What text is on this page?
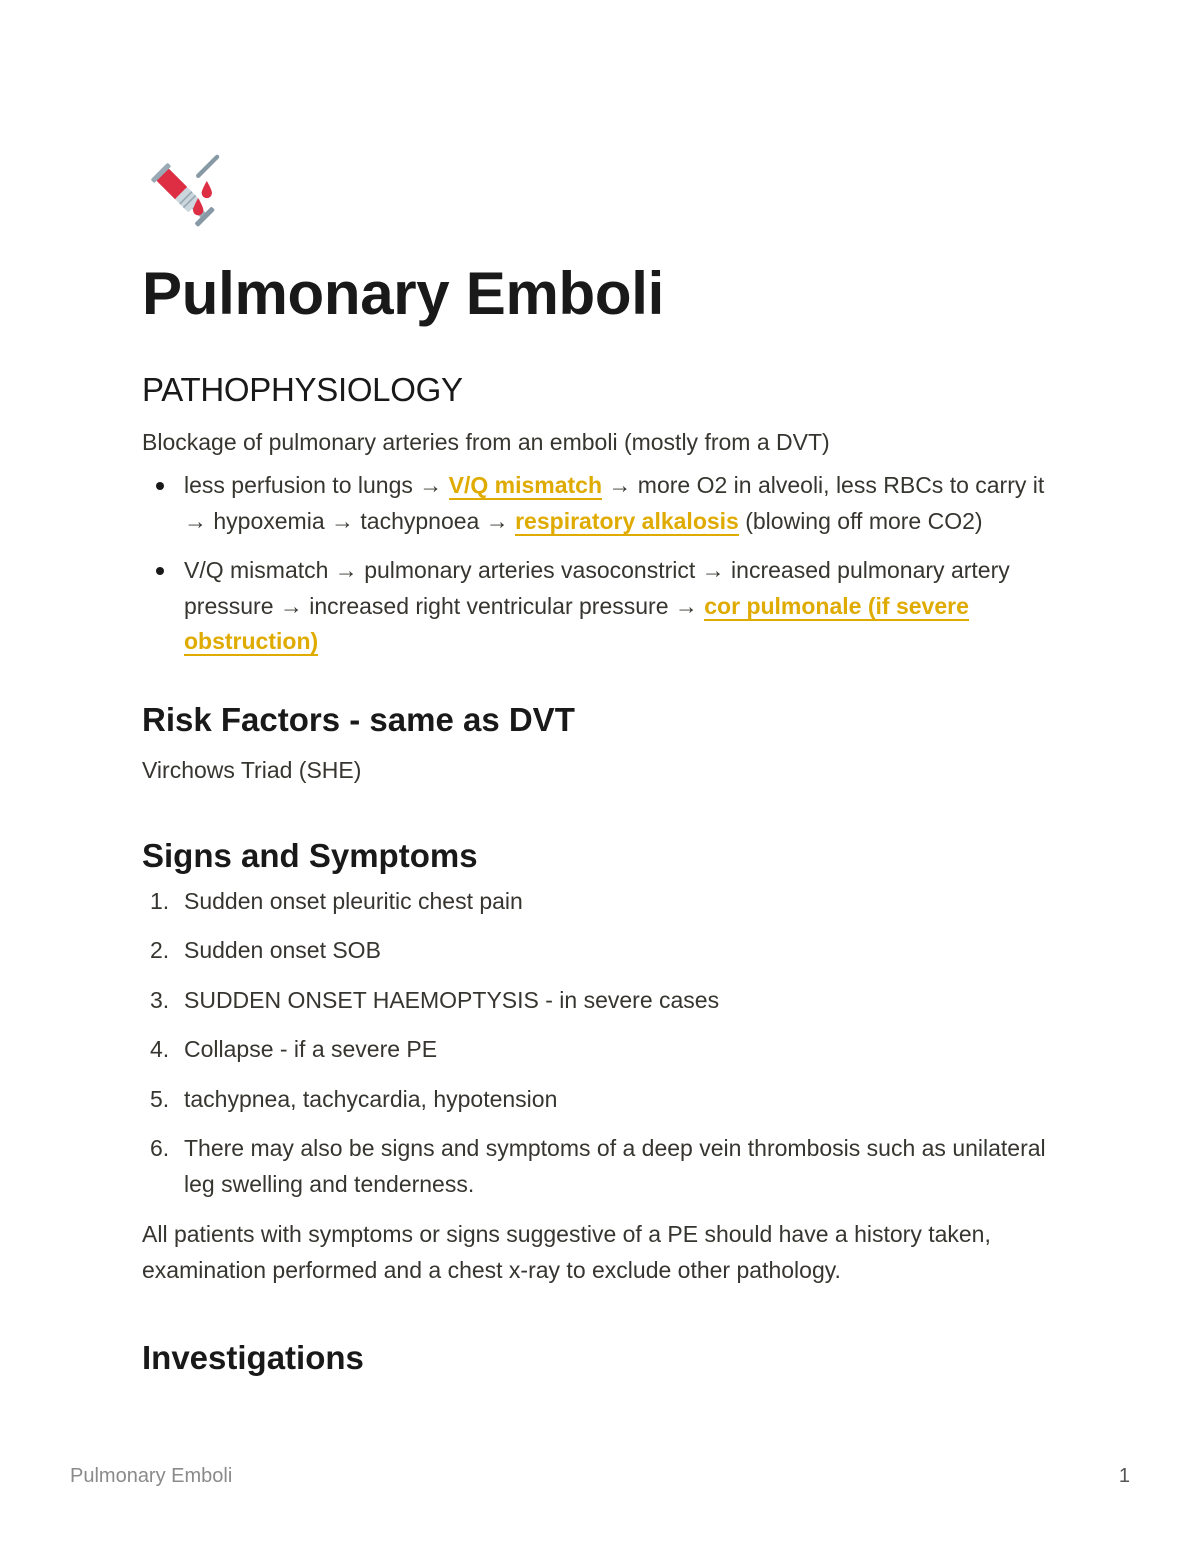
Pulmonary Emboli
PATHOPHYSIOLOGY

Blockage of pulmonary arteries from an emboli (mostly from a DVT)

less perfusion to lungs → V/Q mismatch → more O2 in alveoli, less RBCs to carry it → hypoxemia → tachypnoea → respiratory alkalosis (blowing off more CO2)
V/Q mismatch → pulmonary arteries vasoconstrict → increased pulmonary artery pressure → increased right ventricular pressure → cor pulmonale (if severe obstruction)
Risk Factors - same as DVT

Virchows Triad (SHE)

Signs and Symptoms
1. Sudden onset pleuritic chest pain
2. Sudden onset SOB
3. SUDDEN ONSET HAEMOPTYSIS - in severe cases
4. Collapse - if a severe PE
5. tachypnea, tachycardia, hypotension
6. There may also be signs and symptoms of a deep vein thrombosis such as unilateral leg swelling and tenderness.

All patients with symptoms or signs suggestive of a PE should have a history taken, examination performed and a chest x-ray to exclude other pathology.

Investigations
Pulmonary Emboli	1
